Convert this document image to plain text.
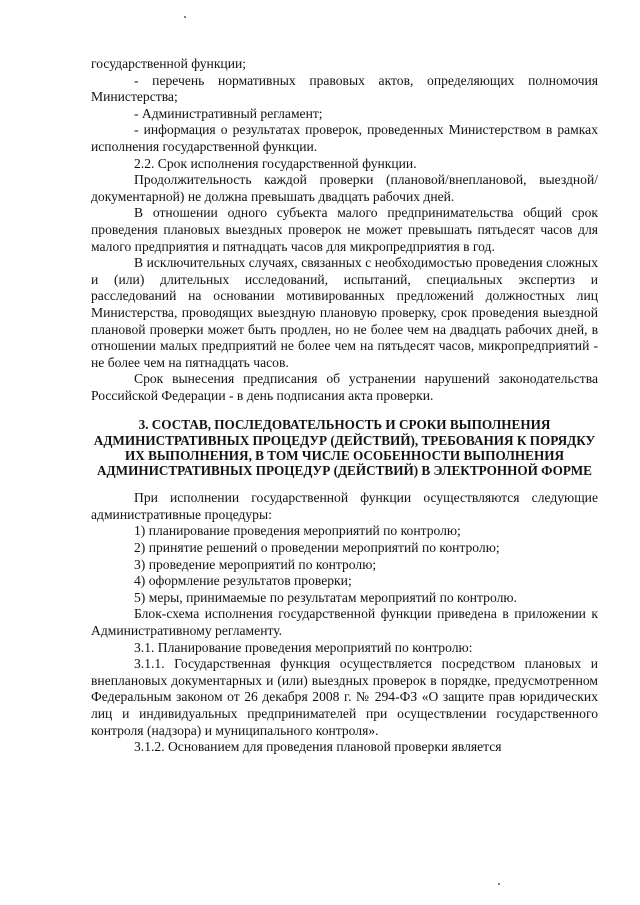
государственной функции;

- перечень нормативных правовых актов, определяющих полномочия Министерства;

- Административный регламент;

- информация о результатах проверок, проведенных Министерством в рамках исполнения государственной функции.

2.2. Срок исполнения государственной функции.

Продолжительность каждой проверки (плановой/внеплановой, выездной/документарной) не должна превышать двадцать рабочих дней.

В отношении одного субъекта малого предпринимательства общий срок проведения плановых выездных проверок не может превышать пятьдесят часов для малого предприятия и пятнадцать часов для микропредприятия в год.

В исключительных случаях, связанных с необходимостью проведения сложных и (или) длительных исследований, испытаний, специальных экспертиз и расследований на основании мотивированных предложений должностных лиц Министерства, проводящих выездную плановую проверку, срок проведения выездной плановой проверки может быть продлен, но не более чем на двадцать рабочих дней, в отношении малых предприятий не более чем на пятьдесят часов, микропредприятий - не более чем на пятнадцать часов.

Срок вынесения предписания об устранении нарушений законодательства Российской Федерации - в день подписания акта проверки.

3. СОСТАВ, ПОСЛЕДОВАТЕЛЬНОСТЬ И СРОКИ ВЫПОЛНЕНИЯ АДМИНИСТРАТИВНЫХ ПРОЦЕДУР (ДЕЙСТВИЙ), ТРЕБОВАНИЯ К ПОРЯДКУ ИХ ВЫПОЛНЕНИЯ, В ТОМ ЧИСЛЕ ОСОБЕННОСТИ ВЫПОЛНЕНИЯ АДМИНИСТРАТИВНЫХ ПРОЦЕДУР (ДЕЙСТВИЙ) В ЭЛЕКТРОННОЙ ФОРМЕ

При исполнении государственной функции осуществляются следующие административные процедуры:

1) планирование проведения мероприятий по контролю;

2) принятие решений о проведении мероприятий по контролю;

3) проведение мероприятий по контролю;

4) оформление результатов проверки;

5) меры, принимаемые по результатам мероприятий по контролю.

Блок-схема исполнения государственной функции приведена в приложении к Административному регламенту.

3.1. Планирование проведения мероприятий по контролю:

3.1.1. Государственная функция осуществляется посредством плановых и внеплановых документарных и (или) выездных проверок в порядке, предусмотренном Федеральным законом от 26 декабря 2008 г. № 294-ФЗ «О защите прав юридических лиц и индивидуальных предпринимателей при осуществлении государственного контроля (надзора) и муниципального контроля».

3.1.2. Основанием для проведения плановой проверки является
